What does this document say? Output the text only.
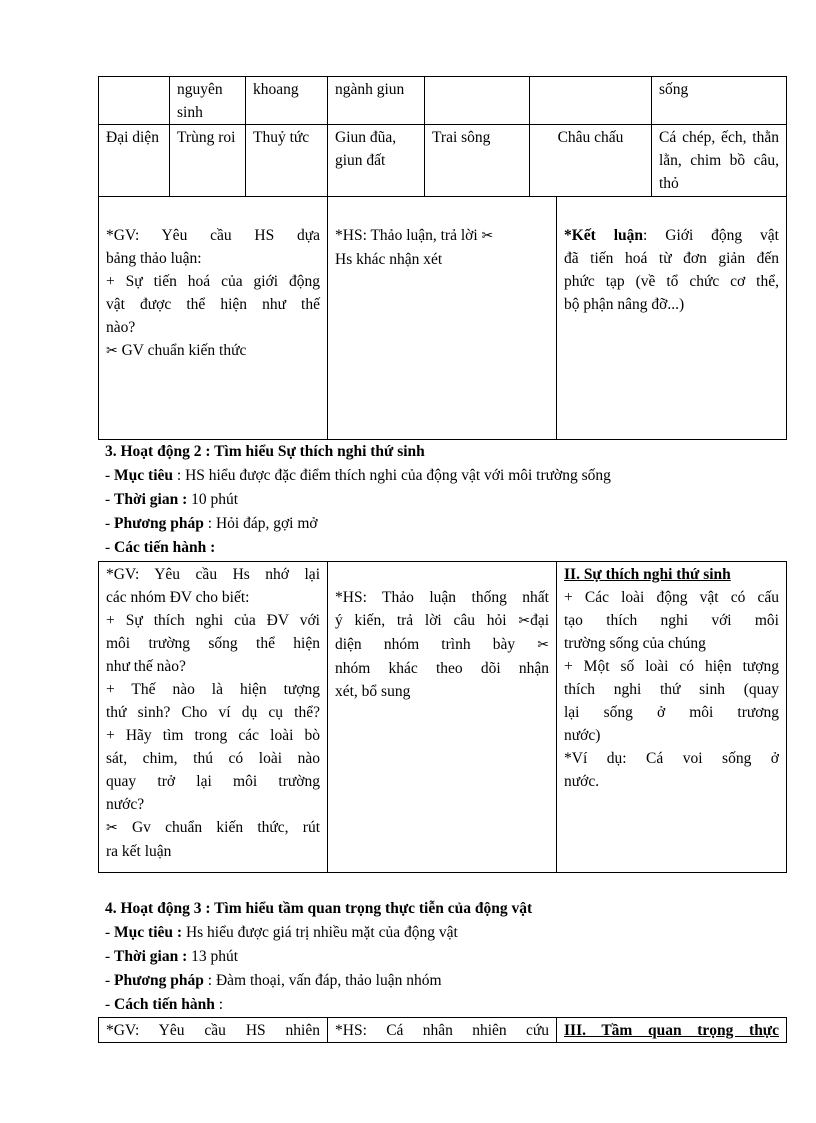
	nguyên sinh	khoang	ngành giun			sống
Đại diện	Trùng roi	Thuỷ tức	Giun đũa, giun đất	Trai sông	Châu chấu	Cá chép, ếch, thằn lằn, chim bồ câu, thỏ
*GV: Yêu cầu HS dựa
bảng thảo luận:
+ Sự tiến hoá của giới động
vật được thể hiện như thế
nào?
✂ GV chuẩn kiến thức

*HS: Thảo luận, trả lời ✂
Hs khác nhận xét

*Kết luận: Giới động vật
đã tiến hoá từ đơn giản đến
phức tạp (về tổ chức cơ thể,
bộ phận nâng đỡ...)
3. Hoạt động 2 : Tìm hiểu Sự thích nghi thứ sinh
- Mục tiêu : HS hiểu được đặc điểm thích nghi của động vật với môi trường sống
- Thời gian : 10 phút
- Phương pháp : Hỏi đáp, gợi mở
- Các tiến hành :
*GV: Yêu cầu Hs nhớ lại
các nhóm ĐV cho biết:
+ Sự thích nghi của ĐV với
môi trường sống thể hiện
như thế nào?
+ Thế nào là hiện tượng
thứ sinh? Cho ví dụ cụ thể?
+ Hãy tìm trong các loài bò
sát, chim, thú có loài nào
quay trở lại môi trường
nước?
✂ Gv chuẩn kiến thức, rút
ra kết luận

*HS: Thảo luận thống nhất
ý kiến, trả lời câu hỏi ✂đại
diện nhóm trình bày ✂
nhóm khác theo dõi nhận
xét, bổ sung

II. Sự thích nghi thứ sinh
+ Các loài động vật có cấu
tạo thích nghi với môi
trường sống của chúng
+ Một số loài có hiện tượng
thích nghi thứ sinh (quay
lại sống ở môi trương
nước)
*Ví dụ: Cá voi sống ở
nước.
4. Hoạt động 3 : Tìm hiểu tầm quan trọng thực tiễn của động vật
- Mục tiêu : Hs hiểu được giá trị nhiều mặt của động vật
- Thời gian : 13 phút
- Phương pháp : Đàm thoại, vấn đáp, thảo luận nhóm
- Cách tiến hành :
*GV: Yêu cầu HS nhiên	*HS: Cá nhân nhiên cứu	III. Tầm quan trọng thực
